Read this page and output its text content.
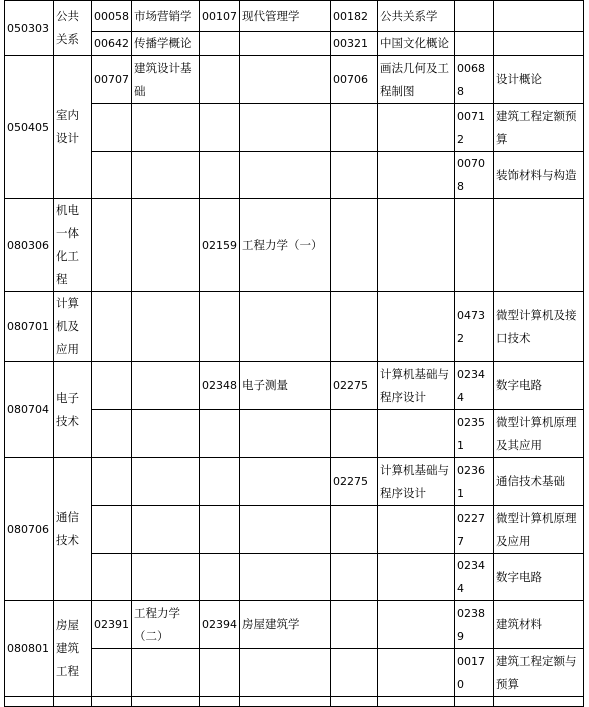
050303	公共关系	00058	市场营销学	00107	现代管理学	00182	公共关系学		
		00642	传播学概论			00321	中国文化概论		
050405	室内设计	00707	建筑设计基础			00706	画法几何及工程制图	00688	设计概论
								00712	建筑工程定额预算
								00708	装饰材料与构造
080306	机电一体化工程			02159	工程力学（一）				
080701	计算机及应用							04732	微型计算机及接口技术
080704	电子技术			02348	电子测量	02275	计算机基础与程序设计	02344	数字电路
								02351	微型计算机原理及其应用
080706	通信技术					02275	计算机基础与程序设计	02361	通信技术基础
								02277	微型计算机原理及应用
								02344	数字电路
080801	房屋建筑工程	02391	工程力学（二）	02394	房屋建筑学			02389	建筑材料
								00170	建筑工程定额与预算
